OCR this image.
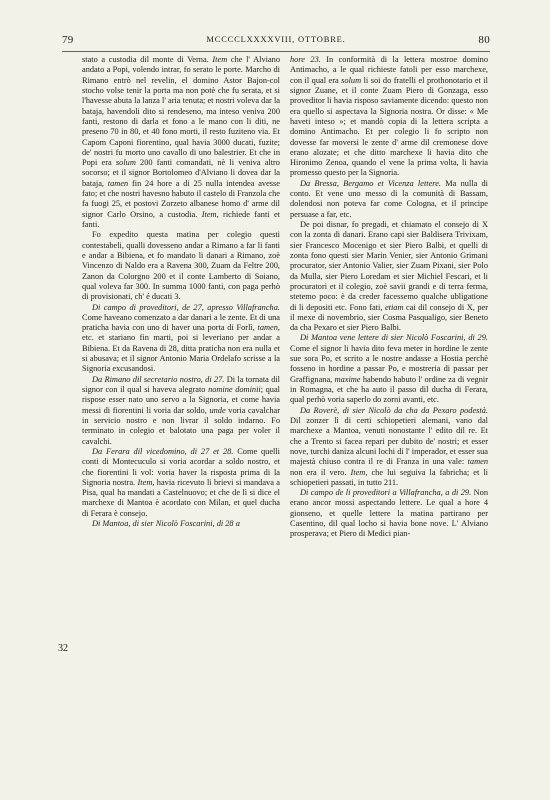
79	MCCCCLXXXXVIII, OTTOBRE.	80
32

stato a custodia dil monte di Verna. Item che l' Alviano andato a Popi, volendo intrar, fo serato le porte. Marcho di Rimano entrò nel revelin, el domino Astor Bajon-col stocho volse tenir la porta ma non potè che fu serata, et si l'havesse abuta la lanza l' aria tenuta; et nostri voleva dar la bataja, havendoli dito si rendeseno, ma inteso veniva 200 fanti, restono di darla et fono a le mano con li diti, ne preseno 70 in 80, et 40 fono morti, il resto fuziteno via. Et Capom Caponi fiorentino, qual havia 3000 ducati, fuzite; de' nostri fu morto uno cavallo di uno balestrier. Et che in Popi era solum 200 fanti comandati, nè li veniva altro socorso; et il signor Bortolomeo d'Alviano li dovea dar la bataja, tamen fin 24 hore a di 25 nulla intendea avesse fato; et che nostri havesno habuto il castelo di Franzola che fa fuogi 25, et postovi Zorzeto albanese homo d' arme dil signor Carlo Orsino, a custodia. Item, richiede fanti et fanti.

Fo expedito questa matina per colegio questi contestabeli, qualli dovesseno andar a Rimano a far li fanti e andar a Bibiena, et fo mandato li danari a Rimano, zoè Vincenzo di Naldo era a Ravena 300, Zuam da Feltre 200, Zanon da Colorgno 200 et il conte Lamberto di Soiano, qual voleva far 300. In summa 1000 fanti, con paga perhò di provisionati, ch' é ducati 3.

Di campo di proveditori, de 27, apresso Villafrancha. Come haveano comenzato a dar danari a le zente. Et di una praticha havia con uno di haver una porta di Forlì, tamen, etc. et stariano fin marti, poi si leveriano per andar a Bibiena. Et da Ravena di 28, ditta praticha non era nulla et si abusava; et il signor Antonio Maria Ordelafo scrisse a la Signoria excusandosi.

Da Rimano dil secretario nostro, di 27. Di la tornata dil signor con il qual si haveva alegrato nomine dominii; qual rispose esser nato uno servo a la Signoria, et come havia messi di fiorentini li voria dar soldo, unde voria cavalchar in servicio nostro e non livrar il soldo indarno. Fo terminato in colegio et balotato una paga per voler il cavalchi.

Da Ferara dil vicedomino, di 27 et 28. Come quelli conti di Montecuculo si voria acordar a soldo nostro, et che fiorentini li vol: voria haver la risposta prima di la Signoria nostra. Item, havia ricevuto li brievi si mandava a Pisa, qual ha mandati a Castelnuovo; et che de lì si dice el marchexe di Mantoa è acordato con Milan, et quel ducha di Ferara è consejo.

Di Mantoa, di sier Nicolò Foscarini, di 28 a

hore 23. In conformità di la lettera mostroe domino Antimacho, a le qual richieste fatoli per esso marchexe, con il qual era solum li soi do fratelli el prothonotario et il signor Zuane, et il conte Zuam Piero di Gonzaga, esso proveditor li havia risposo saviamente dicendo: questo non era quello si aspectava la Signoria nostra. Or disse: « Me haveti inteso »; et mandò copia di la lettera scripta a domino Antimacho. Et per colegio li fo scripto non dovesse far moversi le zente d' arme dil cremonese dove erano alozate; et che ditto marchexe li havia dito che Hironimo Zenoa, quando el vene la prima volta, li havia promesso questo per la Signoria.

Da Bressa, Bergamo et Vicenza lettere. Ma nulla di conto. Et vene uno messo di la comunità di Bassam, dolendosi non poteva far come Cologna, et il principe persuase a far, etc.

De poi disnar, fo pregadi, et chiamato el consejo di X con la zonta di danari. Erano capi sier Baldisera Trivixam, sier Francesco Mocenigo et sier Piero Balbi, et quelli di zonta fono questi sier Marin Venier, sier Antonio Grimani procurator, sier Antonio Valier, sier Zuam Pixani, sier Polo da Mulla, sier Piero Loredam et sier Michiel Fescari, et li procuratori et il colegio, zoè savii grandi e di terra ferma, stetemo poco: è da creder facessemo qualche ubligatione di li depositi etc. Fono fati, etiam cai dil consejo di X, per il mexe di novembrio, sier Cosma Pasqualigo, sier Beneto da cha Pexaro et sier Piero Balbi.

Di Mantoa vene lettere di sier Nicolò Foscarini, di 29. Come el signor li havia dito feva meter in hordine le zente sue sora Po, et scrito a le nostre andasse a Hostia perchè fosseno in hordine a passar Po, e mostreria di passar per Graffignana, maxime habendo habuto l' ordine za di vegnir in Romagna, et che ha auto il passo dil ducha di Ferara, qual perhò voria saperlo do zorni avanti, etc.

Da Roverè, di sier Nicolò da cha da Pexaro podestà. Dil zonzer lì di certi schiopetieri alemani, vano dal marchexe a Mantoa, venuti nonostante l' edito dil re. Et che a Trento si facea repari per dubito de' nostri; et esser nove, turchi daniza alcuni lochi di l' imperador, et esser sua majestà chiuso contra il re di Franza in una vale: tamen non era il vero. Item, che lui seguiva la fabricha; et li schiopetieri passati, in tutto 211.

Di campo de li proveditori a Villafrancha, a di 29. Non erano ancor mossi aspectando lettere. Le qual a hore 4 gionseno, et quelle lettere la matina partirano per Casentino, dil qual locho si havia bone nove. L' Alviano prosperava; et Piero di Medici pian-
